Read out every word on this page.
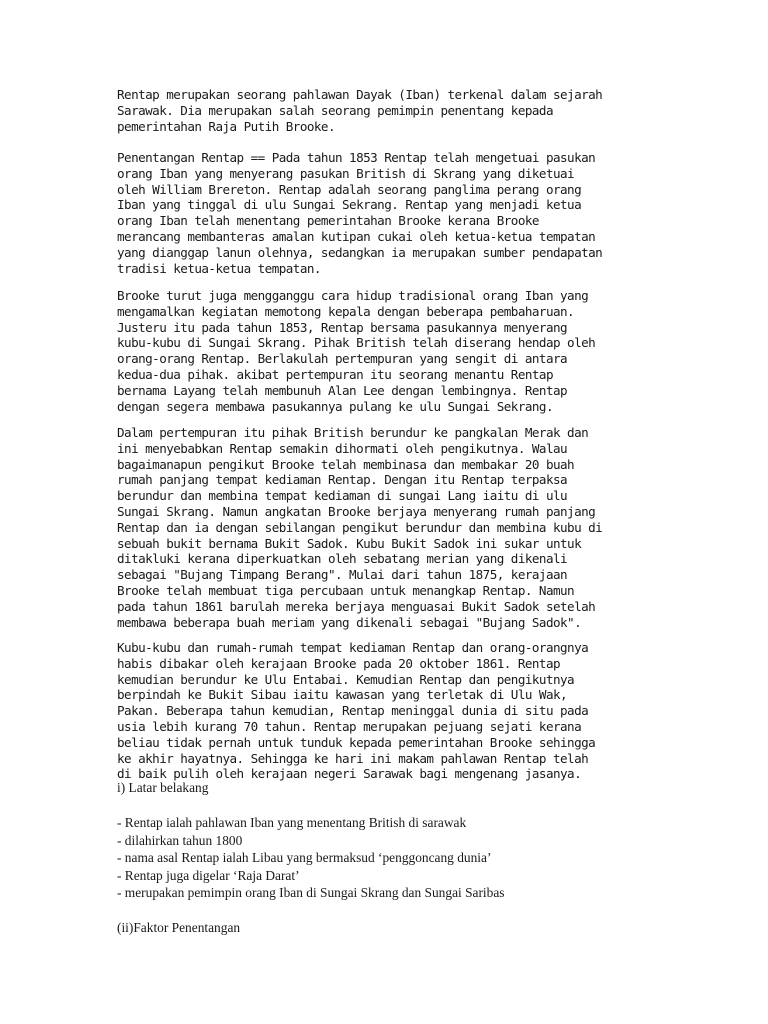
Rentap merupakan seorang pahlawan Dayak (Iban) terkenal dalam sejarah
Sarawak. Dia merupakan salah seorang pemimpin penentang kepada
pemerintahan Raja Putih Brooke.
Penentangan Rentap == Pada tahun 1853 Rentap telah mengetuai pasukan
orang Iban yang menyerang pasukan British di Skrang yang diketuai
oleh William Brereton. Rentap adalah seorang panglima perang orang
Iban yang tinggal di ulu Sungai Sekrang. Rentap yang menjadi ketua
orang Iban telah menentang pemerintahan Brooke kerana Brooke
merancang membanteras amalan kutipan cukai oleh ketua-ketua tempatan
yang dianggap lanun olehnya, sedangkan ia merupakan sumber pendapatan
tradisi ketua-ketua tempatan.
Brooke turut juga mengganggu cara hidup tradisional orang Iban yang
mengamalkan kegiatan memotong kepala dengan beberapa pembaharuan.
Justeru itu pada tahun 1853, Rentap bersama pasukannya menyerang
kubu-kubu di Sungai Skrang. Pihak British telah diserang hendap oleh
orang-orang Rentap. Berlakulah pertempuran yang sengit di antara
kedua-dua pihak. akibat pertempuran itu seorang menantu Rentap
bernama Layang telah membunuh Alan Lee dengan lembingnya. Rentap
dengan segera membawa pasukannya pulang ke ulu Sungai Sekrang.
Dalam pertempuran itu pihak British berundur ke pangkalan Merak dan
ini menyebabkan Rentap semakin dihormati oleh pengikutnya. Walau
bagaimanapun pengikut Brooke telah membinasa dan membakar 20 buah
rumah panjang tempat kediaman Rentap. Dengan itu Rentap terpaksa
berundur dan membina tempat kediaman di sungai Lang iaitu di ulu
Sungai Skrang. Namun angkatan Brooke berjaya menyerang rumah panjang
Rentap dan ia dengan sebilangan pengikut berundur dan membina kubu di
sebuah bukit bernama Bukit Sadok. Kubu Bukit Sadok ini sukar untuk
ditakluki kerana diperkuatkan oleh sebatang merian yang dikenali
sebagai "Bujang Timpang Berang". Mulai dari tahun 1875, kerajaan
Brooke telah membuat tiga percubaan untuk menangkap Rentap. Namun
pada tahun 1861 barulah mereka berjaya menguasai Bukit Sadok setelah
membawa beberapa buah meriam yang dikenali sebagai "Bujang Sadok".
Kubu-kubu dan rumah-rumah tempat kediaman Rentap dan orang-orangnya
habis dibakar oleh kerajaan Brooke pada 20 oktober 1861. Rentap
kemudian berundur ke Ulu Entabai. Kemudian Rentap dan pengikutnya
berpindah ke Bukit Sibau iaitu kawasan yang terletak di Ulu Wak,
Pakan. Beberapa tahun kemudian, Rentap meninggal dunia di situ pada
usia lebih kurang 70 tahun. Rentap merupakan pejuang sejati kerana
beliau tidak pernah untuk tunduk kepada pemerintahan Brooke sehingga
ke akhir hayatnya. Sehingga ke hari ini makam pahlawan Rentap telah
di baik pulih oleh kerajaan negeri Sarawak bagi mengenang jasanya.
i) Latar belakang
- Rentap ialah pahlawan Iban yang menentang British di sarawak
- dilahirkan tahun 1800
- nama asal Rentap ialah Libau yang bermaksud ‘penggoncang dunia’
- Rentap juga digelar ‘Raja Darat’
- merupakan pemimpin orang Iban di Sungai Skrang dan Sungai Saribas
(ii)Faktor Penentangan
